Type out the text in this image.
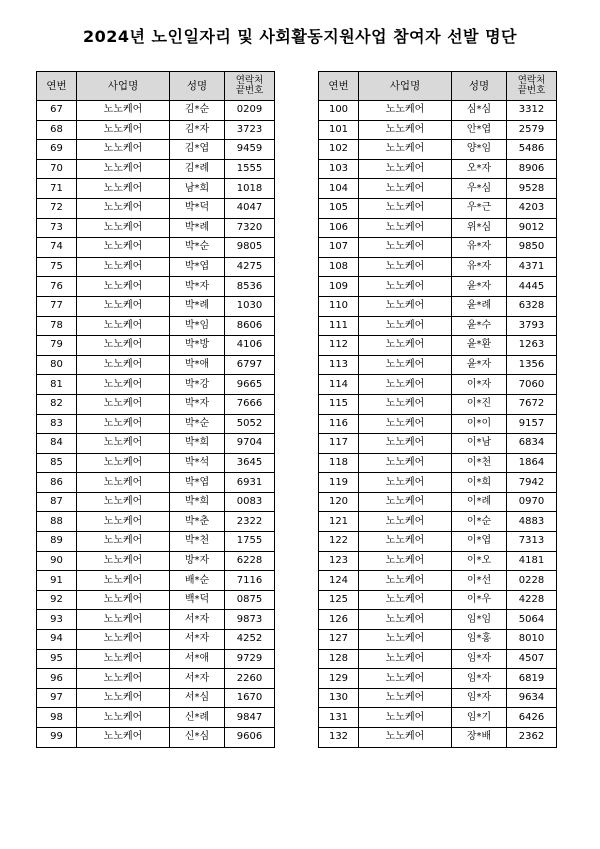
2024년 노인일자리 및 사회활동지원사업 참여자 선발 명단
연번	사업명	성명	연락처
끝번호
67	노노케어	김*순	0209
68	노노케어	김*자	3723
69	노노케어	김*엽	9459
70	노노케어	김*례	1555
71	노노케어	남*희	1018
72	노노케어	박*덕	4047
73	노노케어	박*례	7320
74	노노케어	박*순	9805
75	노노케어	박*엽	4275
76	노노케어	박*자	8536
77	노노케어	박*례	1030
78	노노케어	박*임	8606
79	노노케어	박*방	4106
80	노노케어	박*애	6797
81	노노케어	박*강	9665
82	노노케어	박*자	7666
83	노노케어	박*순	5052
84	노노케어	박*희	9704
85	노노케어	박*석	3645
86	노노케어	박*엽	6931
87	노노케어	박*희	0083
88	노노케어	박*춘	2322
89	노노케어	박*천	1755
90	노노케어	방*자	6228
91	노노케어	배*순	7116
92	노노케어	백*덕	0875
93	노노케어	서*자	9873
94	노노케어	서*자	4252
95	노노케어	서*애	9729
96	노노케어	서*자	2260
97	노노케어	서*심	1670
98	노노케어	신*례	9847
99	노노케어	신*심	9606
연번	사업명	성명	연락처
끝번호
100	노노케어	심*심	3312
101	노노케어	안*엽	2579
102	노노케어	양*임	5486
103	노노케어	오*자	8906
104	노노케어	우*심	9528
105	노노케어	우*근	4203
106	노노케어	위*심	9012
107	노노케어	유*자	9850
108	노노케어	유*자	4371
109	노노케어	윤*자	4445
110	노노케어	윤*례	6328
111	노노케어	윤*수	3793
112	노노케어	윤*환	1263
113	노노케어	윤*자	1356
114	노노케어	이*자	7060
115	노노케어	이*진	7672
116	노노케어	이*이	9157
117	노노케어	이*남	6834
118	노노케어	이*천	1864
119	노노케어	이*희	7942
120	노노케어	이*례	0970
121	노노케어	이*순	4883
122	노노케어	이*엽	7313
123	노노케어	이*오	4181
124	노노케어	이*선	0228
125	노노케어	이*우	4228
126	노노케어	임*임	5064
127	노노케어	임*홍	8010
128	노노케어	임*자	4507
129	노노케어	임*자	6819
130	노노케어	임*자	9634
131	노노케어	임*기	6426
132	노노케어	장*배	2362
